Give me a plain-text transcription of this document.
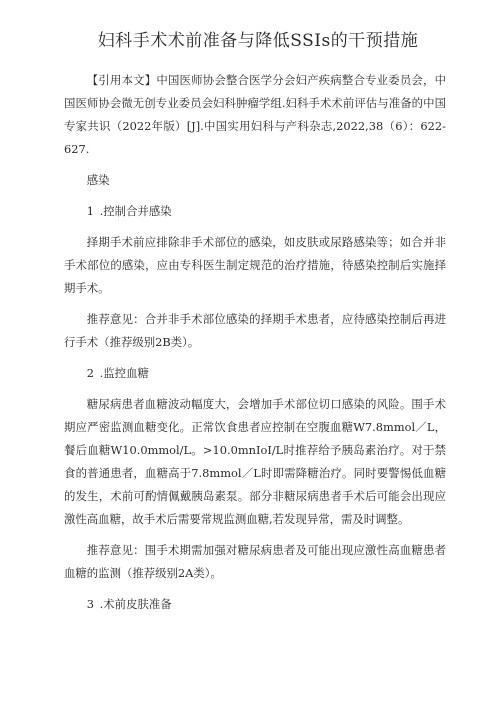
妇科手术术前准备与降低SSIs的干预措施

【引用本文】中国医师协会整合医学分会妇产疾病整合专业委员会，中国医师协会微无创专业委员会妇科肿瘤学组.妇科手术术前评估与准备的中国专家共识（2022年版）[J].中国实用妇科与产科杂志,2022,38（6）：622-627.

感染

1 .控制合并感染

择期手术前应排除非手术部位的感染，如皮肤或尿路感染等；如合并非手术部位的感染，应由专科医生制定规范的治疗措施，待感染控制后实施择期手术。

推荐意见：合并非手术部位感染的择期手术患者，应待感染控制后再进行手术（推荐级别2B类）。

2 .监控血糖

糖尿病患者血糖波动幅度大，会增加手术部位切口感染的风险。围手术期应严密监测血糖变化。正常饮食患者应控制在空腹血糖W7.8mmol／L，餐后血糖W10.0mmol/L。>10.0mnIoI/L时推荐给予胰岛素治疗。对于禁食的普通患者，血糖高于7.8mmol／L时即需降糖治疗。同时要警惕低血糖的发生，术前可酌情佩戴胰岛素泵。部分非糖尿病患者手术后可能会出现应激性高血糖，故手术后需要常规监测血糖,若发现异常，需及时调整。

推荐意见：围手术期需加强对糖尿病患者及可能出现应激性高血糖患者血糖的监测（推荐级别2A类）。

3 .术前皮肤准备
